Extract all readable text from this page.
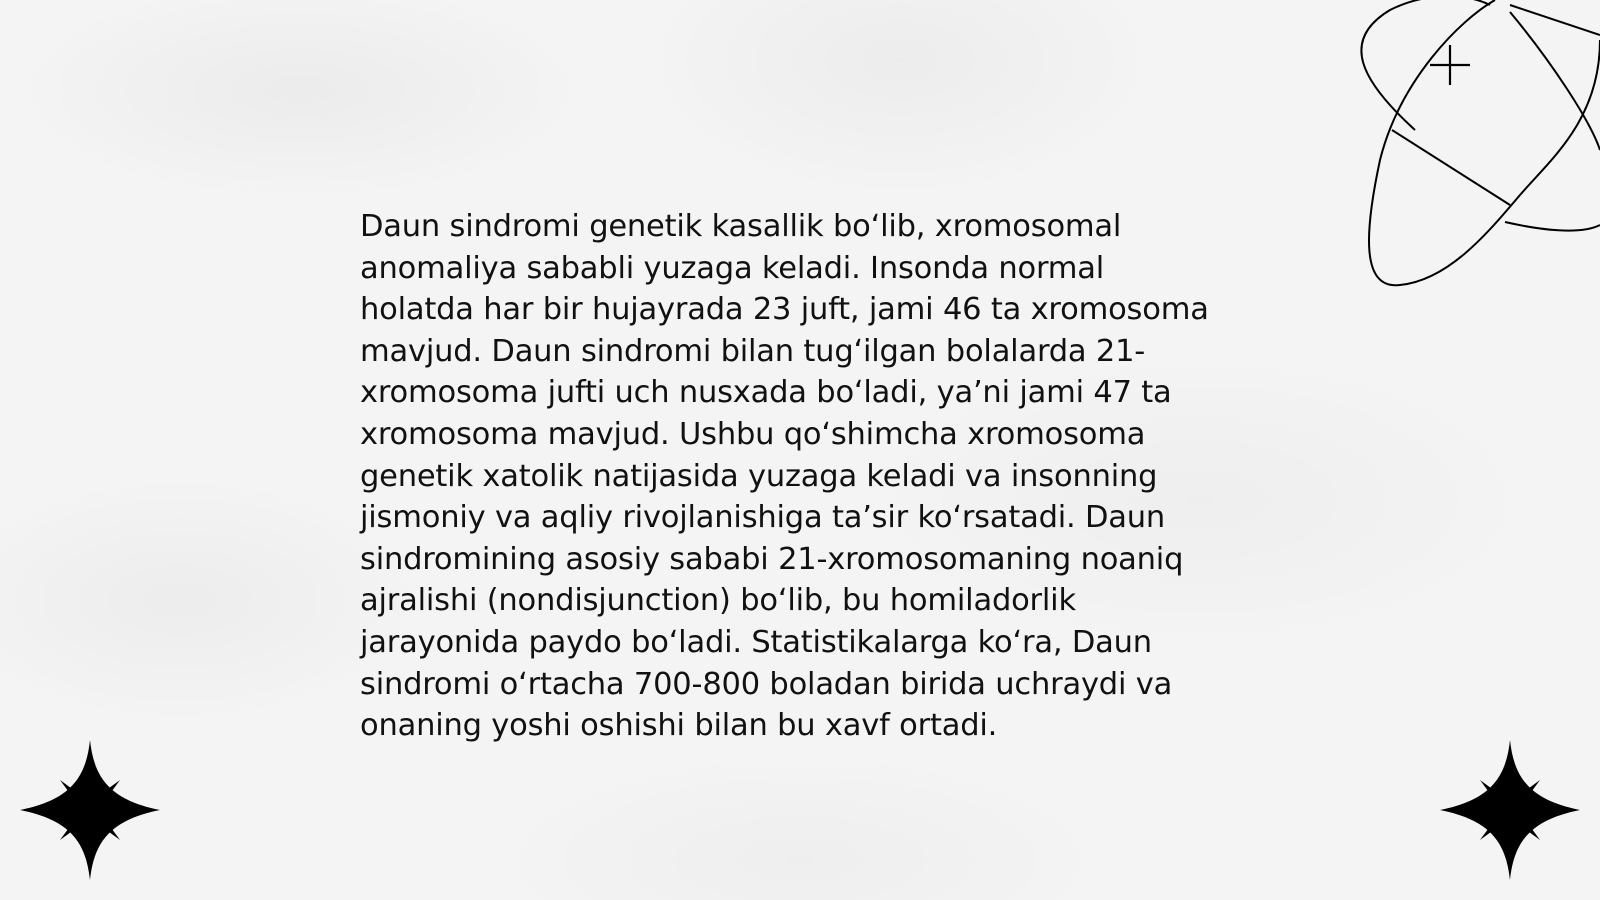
Daun sindromi genetik kasallik boʻlib, xromosomal anomaliya sababli yuzaga keladi. Insonda normal holatda har bir hujayrada 23 juft, jami 46 ta xromosoma mavjud. Daun sindromi bilan tugʻilgan bolalarda 21-xromosoma jufti uch nusxada boʻladi, yaʼni jami 47 ta xromosoma mavjud. Ushbu qoʻshimcha xromosoma genetik xatolik natijasida yuzaga keladi va insonning jismoniy va aqliy rivojlanishiga taʼsir koʻrsatadi. Daun sindromining asosiy sababi 21-xromosomaning noaniq ajralishi (nondisjunction) boʻlib, bu homiladorlik jarayonida paydo boʻladi. Statistikalarga koʻra, Daun sindromi oʻrtacha 700-800 boladan birida uchraydi va onaning yoshi oshishi bilan bu xavf ortadi.
